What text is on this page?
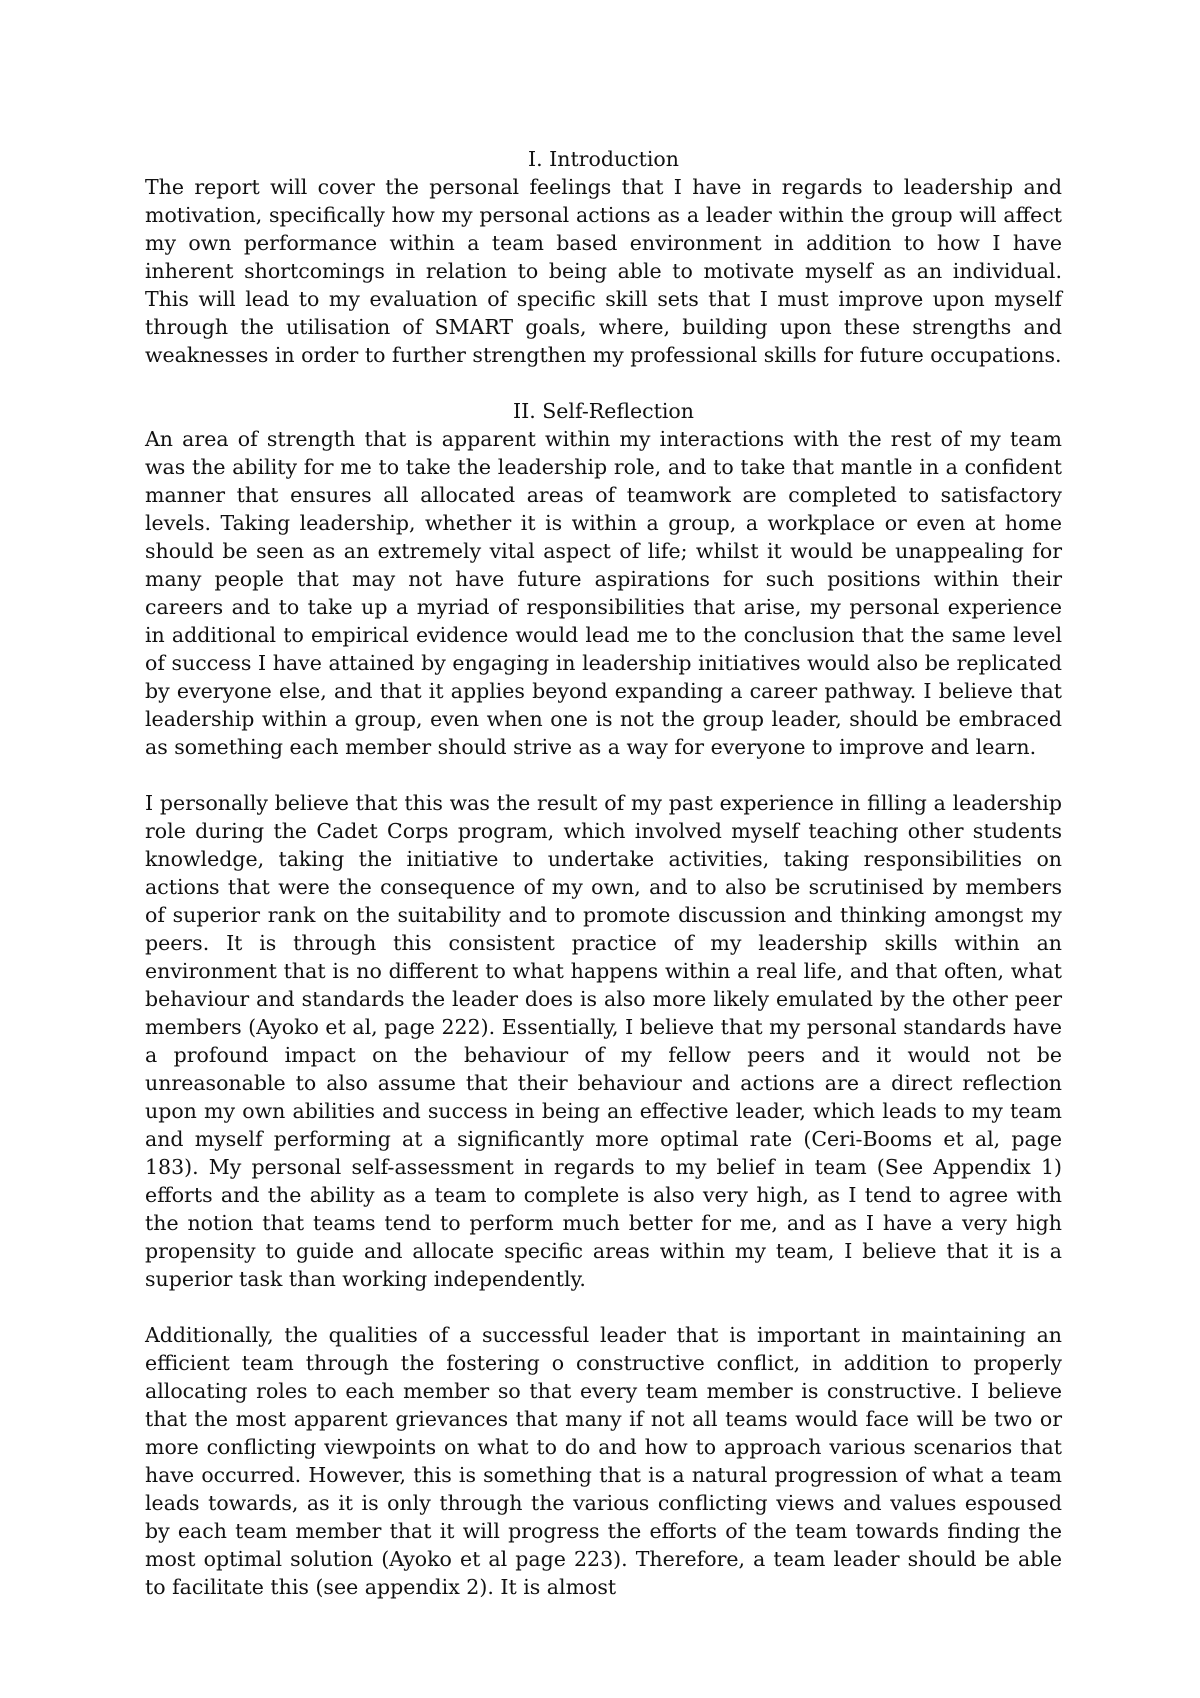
I. Introduction

The report will cover the personal feelings that I have in regards to leadership and motivation, specifically how my personal actions as a leader within the group will affect my own performance within a team based environment in addition to how I have inherent shortcomings in relation to being able to motivate myself as an individual. This will lead to my evaluation of specific skill sets that I must improve upon myself through the utilisation of SMART goals, where, building upon these strengths and weaknesses in order to further strengthen my professional skills for future occupations.

II. Self-Reflection

An area of strength that is apparent within my interactions with the rest of my team was the ability for me to take the leadership role, and to take that mantle in a confident manner that ensures all allocated areas of teamwork are completed to satisfactory levels. Taking leadership, whether it is within a group, a workplace or even at home should be seen as an extremely vital aspect of life; whilst it would be unappealing for many people that may not have future aspirations for such positions within their careers and to take up a myriad of responsibilities that arise, my personal experience in additional to empirical evidence would lead me to the conclusion that the same level of success I have attained by engaging in leadership initiatives would also be replicated by everyone else, and that it applies beyond expanding a career pathway. I believe that leadership within a group, even when one is not the group leader, should be embraced as something each member should strive as a way for everyone to improve and learn.

I personally believe that this was the result of my past experience in filling a leadership role during the Cadet Corps program, which involved myself teaching other students knowledge, taking the initiative to undertake activities, taking responsibilities on actions that were the consequence of my own, and to also be scrutinised by members of superior rank on the suitability and to promote discussion and thinking amongst my peers. It is through this consistent practice of my leadership skills within an environment that is no different to what happens within a real life, and that often, what behaviour and standards the leader does is also more likely emulated by the other peer members (Ayoko et al, page 222). Essentially, I believe that my personal standards have a profound impact on the behaviour of my fellow peers and it would not be unreasonable to also assume that their behaviour and actions are a direct reflection upon my own abilities and success in being an effective leader, which leads to my team and myself performing at a significantly more optimal rate (Ceri-Booms et al, page 183). My personal self-assessment in regards to my belief in team (See Appendix 1) efforts and the ability as a team to complete is also very high, as I tend to agree with the notion that teams tend to perform much better for me, and as I have a very high propensity to guide and allocate specific areas within my team, I believe that it is a superior task than working independently.

Additionally, the qualities of a successful leader that is important in maintaining an efficient team through the fostering o constructive conflict, in addition to properly allocating roles to each member so that every team member is constructive. I believe that the most apparent grievances that many if not all teams would face will be two or more conflicting viewpoints on what to do and how to approach various scenarios that have occurred. However, this is something that is a natural progression of what a team leads towards, as it is only through the various conflicting views and values espoused by each team member that it will progress the efforts of the team towards finding the most optimal solution (Ayoko et al page 223). Therefore, a team leader should be able to facilitate this (see appendix 2). It is almost
